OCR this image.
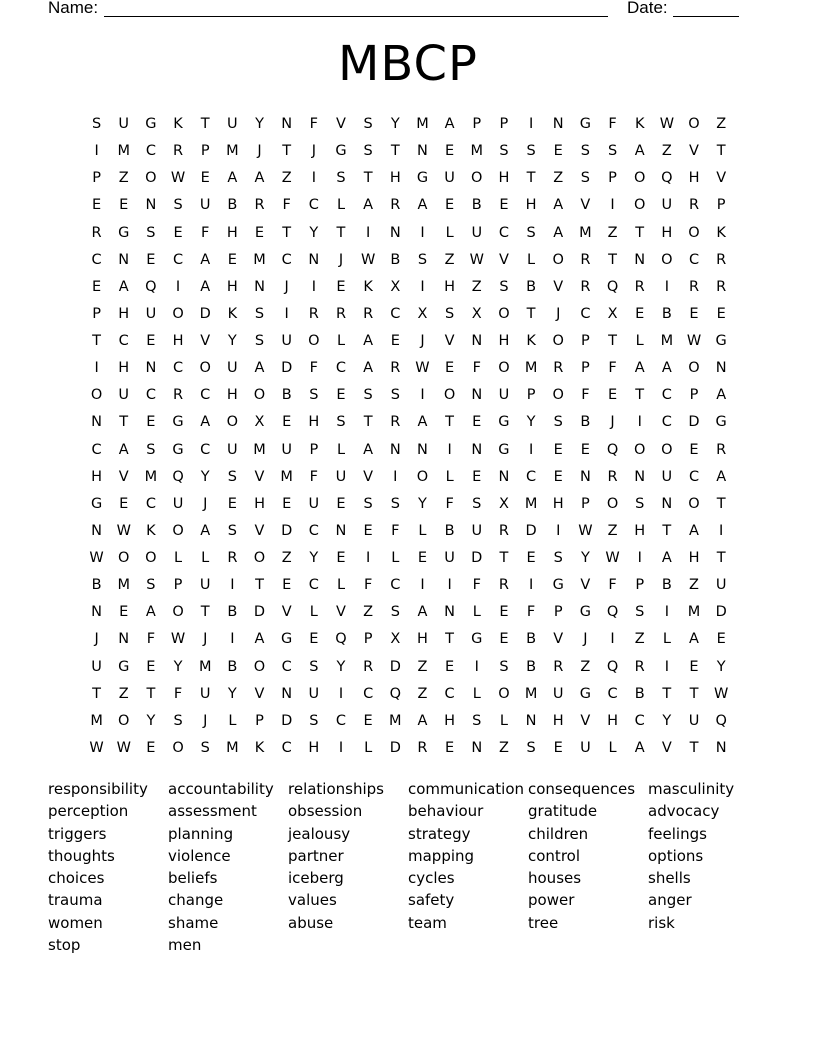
Name:	Date:
MBCP
S	U	G	K	T	U	Y	N	F	V	S	Y	M	A	P	P	I	N	G	F	K	W O	Z
I	M	C	R	P	M	J	T	J	G	S	T	N	E	M	S	S	E	S	S	A	Z	V	T
P	Z	O W	E	A	A	Z	I	S	T	H	G	U	O	H	T	Z	S	P	O	Q	H	V
E	E	N	S	U	B	R	F	C	L	A	R	A	E	B	E	H	A	V	I	O	U	R	P
R	G	S	E	F	H	E	T	Y	T	I	N	I	L	U	C	S	A	M	Z	T	H	O	K
C	N	E	C	A	E	M	C	N	J	W	B	S	Z	W	V	L	O	R	T	N	O	C	R
E	A	Q	I	A	H	N	J	I	E	K	X	I	H	Z	S	B	V	R	Q	R	I	R	R
P	H	U	O	D	K	S	I	R	R	R	C	X	S	X	O	T	J	C	X	E	B	E	E
T	C	E	H	V	Y	S	U	O	L	A	E	J	V	N	H	K	O	P	T	L	M W G
I	H	N	C	O	U	A	D	F	C	A	R	W	E	F	O	M	R	P	F	A	A	O	N
O	U	C	R	C	H	O	B	S	E	S	S	I	O	N	U	P	O	F	E	T	C	P	A
N	T	E	G	A	O	X	E	H	S	T	R	A	T	E	G	Y	S	B	J	I	C	D	G
C	A	S	G	C	U	M	U	P	L	A	N	N	I	N	G	I	E	E	Q	O	O	E	R
H	V	M	Q	Y	S	V	M	F	U	V	I	O	L	E	N	C	E	N	R	N	U	C	A
G	E	C	U	J	E	H	E	U	E	S	S	Y	F	S	X	M	H	P	O	S	N	O	T
N	W	K	O	A	S	V	D	C	N	E	F	L	B	U	R	D	I	W	Z	H	T	A	I
W O	O	L	L	R	O	Z	Y	E	I	L	E	U	D	T	E	S	Y	W	I	A	H	T
B	M	S	P	U	I	T	E	C	L	F	C	I	I	F	R	I	G	V	F	P	B	Z	U
N	E	A	O	T	B	D	V	L	V	Z	S	A	N	L	E	F	P	G	Q	S	I	M	D
J	N	F	W	J	I	A	G	E	Q	P	X	H	T	G	E	B	V	J	I	Z	L	A	E
U	G	E	Y	M	B	O	C	S	Y	R	D	Z	E	I	S	B	R	Z	Q	R	I	E	Y
T	Z	T	F	U	Y	V	N	U	I	C	Q	Z	C	L	O	M	U	G	C	B	T	T	W
M	O	Y	S	J	L	P	D	S	C	E	M	A	H	S	L	N	H	V	H	C	Y	U	Q
W W	E	O	S	M	K	C	H	I	L	D	R	E	N	Z	S	E	U	L	A	V	T	N
responsibility	accountability relationships	communication consequences masculinity
perception	assessment	obsession	behaviour	gratitude	advocacy
triggers	planning	jealousy	strategy	children	feelings
thoughts	violence	partner	mapping	control	options
choices	beliefs	iceberg	cycles	houses	shells
trauma	change	values	safety	power	anger
women	shame	abuse	team	tree	risk
stop	men
